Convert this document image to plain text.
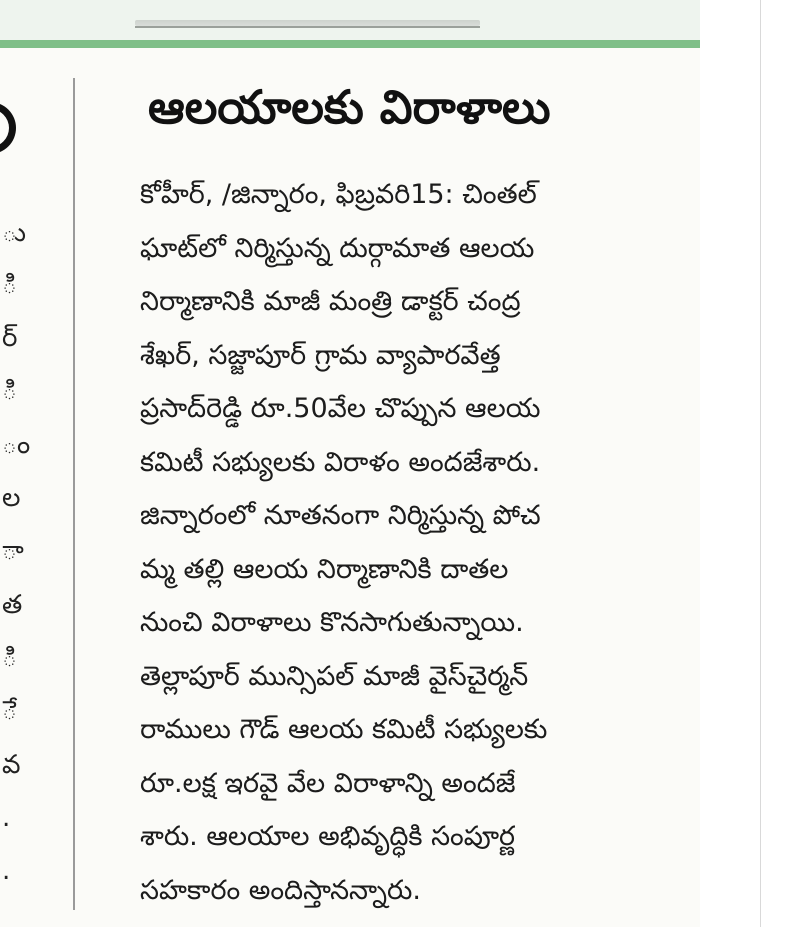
ు
ి
ర్
ి
ం
ల
ా
త
ి
ే
వ
.
.
ఆలయాలకు విరాళాలు
కోహీర్, /జిన్నారం, ఫిబ్రవరి15: చింతల్
ఘాట్‌లో నిర్మిస్తున్న దుర్గామాత ఆలయ
నిర్మాణానికి మాజీ మంత్రి డాక్టర్ చంద్ర
శేఖర్, సజ్జాపూర్ గ్రామ వ్యాపారవేత్త
ప్రసాద్‌రెడ్డి రూ.50వేల చొప్పున ఆలయ
కమిటీ సభ్యులకు విరాళం అందజేశారు.
జిన్నారంలో నూతనంగా నిర్మిస్తున్న పోచ
మ్మ తల్లి ఆలయ నిర్మాణానికి దాతల
నుంచి విరాళాలు కొనసాగుతున్నాయి.
తెల్లాపూర్ మున్సిపల్ మాజీ వైస్‌చైర్మన్
రాములు గౌడ్ ఆలయ కమిటీ సభ్యులకు
రూ.లక్ష ఇరవై వేల విరాళాన్ని అందజే
శారు. ఆలయాల అభివృద్ధికి సంపూర్ణ
సహకారం అందిస్తానన్నారు.
